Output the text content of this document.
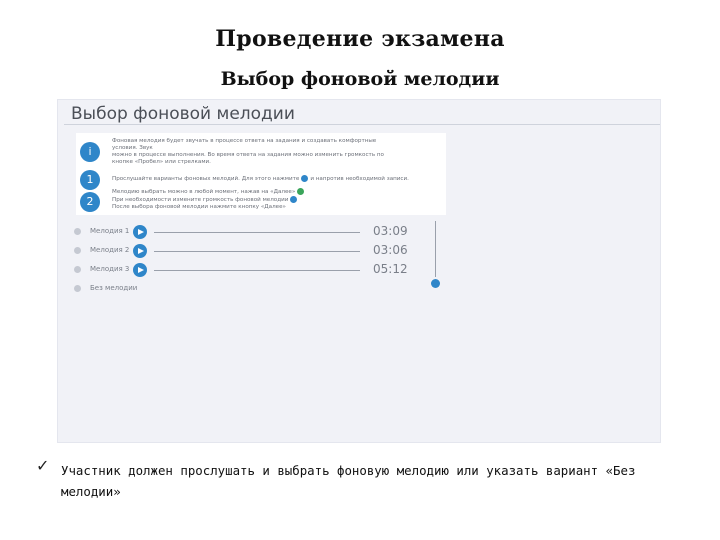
Проведение экзамена
Выбор фоновой мелодии
Выбор фоновой мелодии
i
1
2
Фоновая мелодия будет звучать в процессе ответа на задания и создавать комфортные
условия. Звук
можно в процессе выполнения. Во время ответа на задания можно изменить громкость по
кнопке «Пробел» или стрелками.
Прослушайте варианты фоновых мелодий. Для этого нажмите и напротив необходимой записи.
Мелодию выбрать можно в любой момент, нажав на «Далее»
При необходимости измените громкость фоновой мелодии
После выбора фоновой мелодии нажмите кнопку «Далее»
Мелодия 1	03:09
Мелодия 2	03:06
Мелодия 3	05:12
Без мелодии
✓ Участник должен прослушать и выбрать фоновую мелодию или указать вариант «Без мелодии»
